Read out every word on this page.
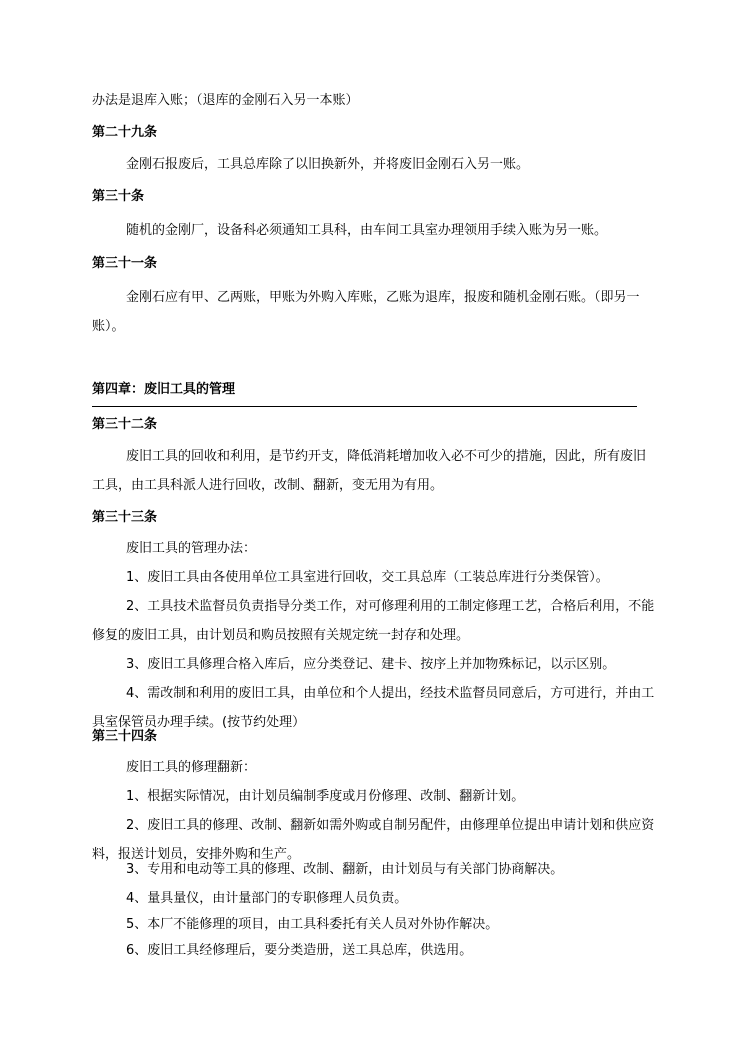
办法是退库入账；（退库的金刚石入另一本账）
第二十九条
金刚石报废后，工具总库除了以旧换新外，并将废旧金刚石入另一账。
第三十条
随机的金刚厂，设备科必须通知工具科，由车间工具室办理领用手续入账为另一账。
第三十一条
金刚石应有甲、乙两账，甲账为外购入库账，乙账为退库，报废和随机金刚石账。（即另一账）。
第四章：废旧工具的管理
第三十二条
废旧工具的回收和利用，是节约开支，降低消耗增加收入必不可少的措施，因此，所有废旧工具，由工具科派人进行回收，改制、翻新，变无用为有用。
第三十三条
废旧工具的管理办法：
1、废旧工具由各使用单位工具室进行回收，交工具总库（工装总库进行分类保管）。
2、工具技术监督员负责指导分类工作，对可修理利用的工制定修理工艺，合格后利用，不能修复的废旧工具，由计划员和购员按照有关规定统一封存和处理。
3、废旧工具修理合格入库后，应分类登记、建卡、按序上并加物殊标记，以示区别。
4、需改制和利用的废旧工具，由单位和个人提出，经技术监督员同意后，方可进行，并由工具室保管员办理手续。(按节约处理）
第三十四条
废旧工具的修理翻新：
1、根据实际情况，由计划员编制季度或月份修理、改制、翻新计划。
2、废旧工具的修理、改制、翻新如需外购或自制另配件，由修理单位提出申请计划和供应资料，报送计划员，安排外购和生产。
3、专用和电动等工具的修理、改制、翻新，由计划员与有关部门协商解决。
4、量具量仪，由计量部门的专职修理人员负责。
5、本厂不能修理的项目，由工具科委托有关人员对外协作解决。
6、废旧工具经修理后，要分类造册，送工具总库，供选用。
